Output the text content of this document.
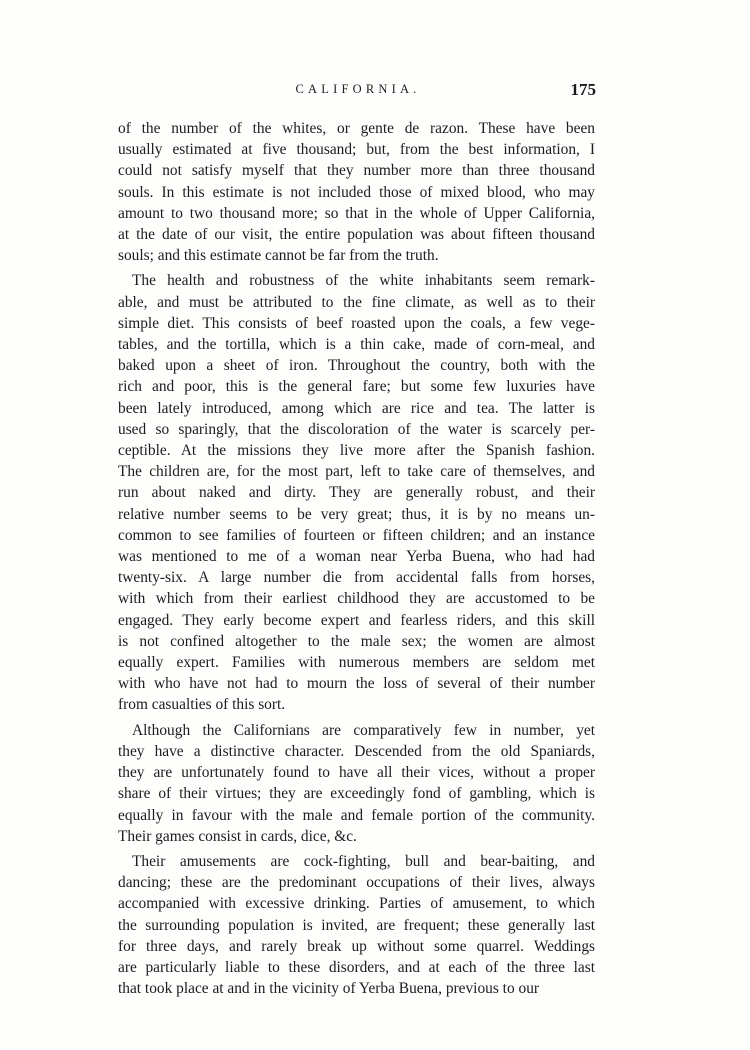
CALIFORNIA.	175
of the number of the whites, or gente de razon. These have been
usually estimated at five thousand; but, from the best information, I
could not satisfy myself that they number more than three thousand
souls. In this estimate is not included those of mixed blood, who may
amount to two thousand more; so that in the whole of Upper California,
at the date of our visit, the entire population was about fifteen thousand
souls; and this estimate cannot be far from the truth.
The health and robustness of the white inhabitants seem remark-
able, and must be attributed to the fine climate, as well as to their
simple diet. This consists of beef roasted upon the coals, a few vege-
tables, and the tortilla, which is a thin cake, made of corn-meal, and
baked upon a sheet of iron. Throughout the country, both with the
rich and poor, this is the general fare; but some few luxuries have
been lately introduced, among which are rice and tea. The latter is
used so sparingly, that the discoloration of the water is scarcely per-
ceptible. At the missions they live more after the Spanish fashion.
The children are, for the most part, left to take care of themselves, and
run about naked and dirty. They are generally robust, and their
relative number seems to be very great; thus, it is by no means un-
common to see families of fourteen or fifteen children; and an instance
was mentioned to me of a woman near Yerba Buena, who had had
twenty-six. A large number die from accidental falls from horses,
with which from their earliest childhood they are accustomed to be
engaged. They early become expert and fearless riders, and this skill
is not confined altogether to the male sex; the women are almost
equally expert. Families with numerous members are seldom met
with who have not had to mourn the loss of several of their number
from casualties of this sort.
Although the Californians are comparatively few in number, yet
they have a distinctive character. Descended from the old Spaniards,
they are unfortunately found to have all their vices, without a proper
share of their virtues; they are exceedingly fond of gambling, which is
equally in favour with the male and female portion of the community.
Their games consist in cards, dice, &c.
Their amusements are cock-fighting, bull and bear-baiting, and
dancing; these are the predominant occupations of their lives, always
accompanied with excessive drinking. Parties of amusement, to which
the surrounding population is invited, are frequent; these generally last
for three days, and rarely break up without some quarrel. Weddings
are particularly liable to these disorders, and at each of the three last
that took place at and in the vicinity of Yerba Buena, previous to our
